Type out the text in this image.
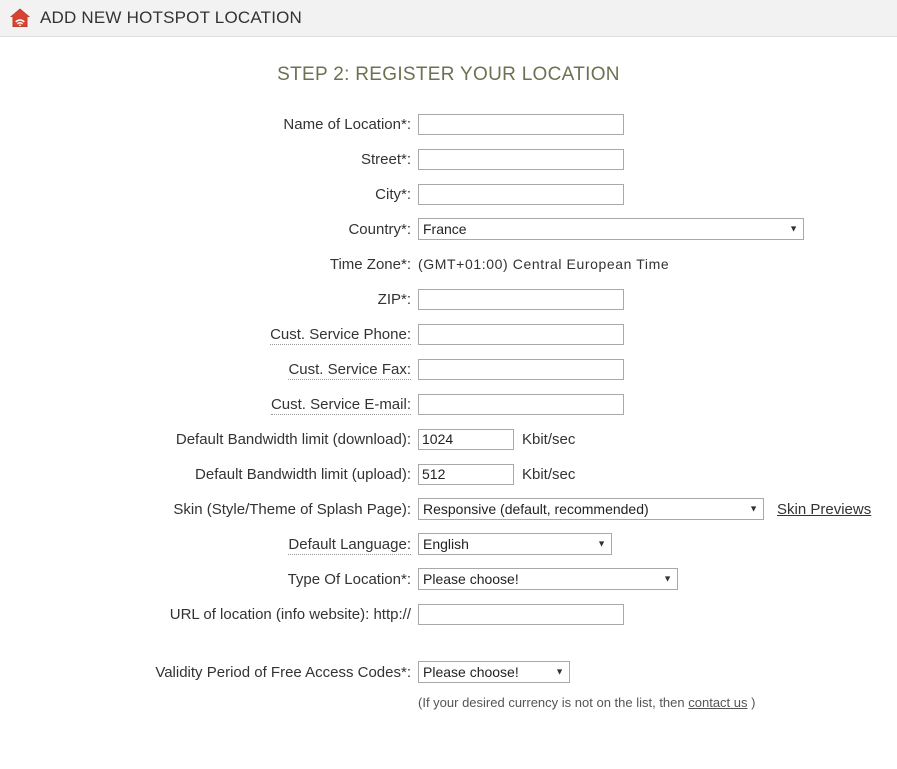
ADD NEW HOTSPOT LOCATION
STEP 2: REGISTER YOUR LOCATION
Name of Location*:
Street*:
City*:
Country*: France	▼
Time Zone*: (GMT+01:00) Central European Time
ZIP*:
Cust. Service Phone:
Cust. Service Fax:
Cust. Service E-mail:
Default Bandwidth limit (download):
1024	Kbit/sec
Default Bandwidth limit (upload):
512	Kbit/sec
Skin (Style/Theme of Splash Page): Responsive (default, recommended)	▼ Skin Previews
Default Language: English	▼
Type Of Location*: Please choose!	▼
URL of location (info website): http://
Validity Period of Free Access Codes*: Please choose!	▼
(If your desired currency is not on the list, then contact us )
